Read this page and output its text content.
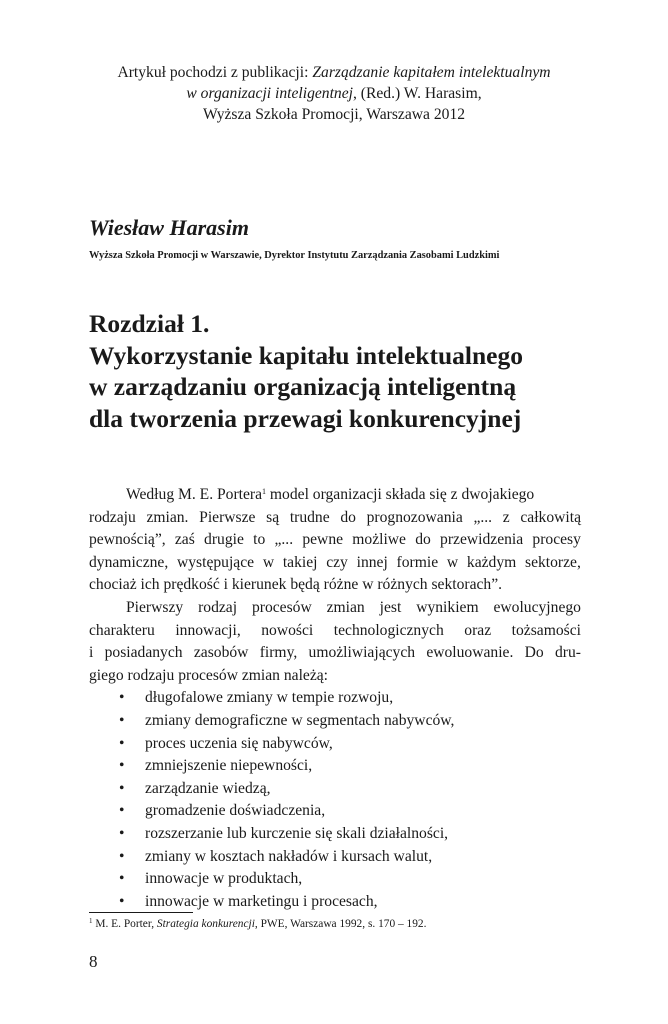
Artykuł pochodzi z publikacji: Zarządzanie kapitałem intelektualnym
w organizacji inteligentnej, (Red.) W. Harasim,
Wyższa Szkoła Promocji, Warszawa 2012
Wiesław Harasim
Wyższa Szkoła Promocji w Warszawie, Dyrektor Instytutu Zarządzania Zasobami Ludzkimi
Rozdział 1.
Wykorzystanie kapitału intelektualnego
w zarządzaniu organizacją inteligentną
dla tworzenia przewagi konkurencyjnej
Według M. E. Portera$^1$ model organizacji składa się z dwojakiego
rodzaju zmian. Pierwsze są trudne do prognozowania „... z całkowitą
pewnością”, zaś drugie to „... pewne możliwe do przewidzenia procesy
dynamiczne, występujące w takiej czy innej formie w każdym sektorze,
chociaż ich prędkość i kierunek będą różne w różnych sektorach”.
Pierwszy rodzaj procesów zmian jest wynikiem ewolucyjnego
charakteru innowacji, nowości technologicznych oraz tożsamości
i posiadanych zasobów firmy, umożliwiających ewoluowanie. Do dru-
giego rodzaju procesów zmian należą:
•	długofalowe zmiany w tempie rozwoju,
•	zmiany demograficzne w segmentach nabywców,
•	proces uczenia się nabywców,
•	zmniejszenie niepewności,
•	zarządzanie wiedzą,
•	gromadzenie doświadczenia,
•	rozszerzanie lub kurczenie się skali działalności,
•	zmiany w kosztach nakładów i kursach walut,
•	innowacje w produktach,
•	innowacje w marketingu i procesach,
$^1$ M. E. Porter, Strategia konkurencji, PWE, Warszawa 1992, s. 170 – 192.
8
